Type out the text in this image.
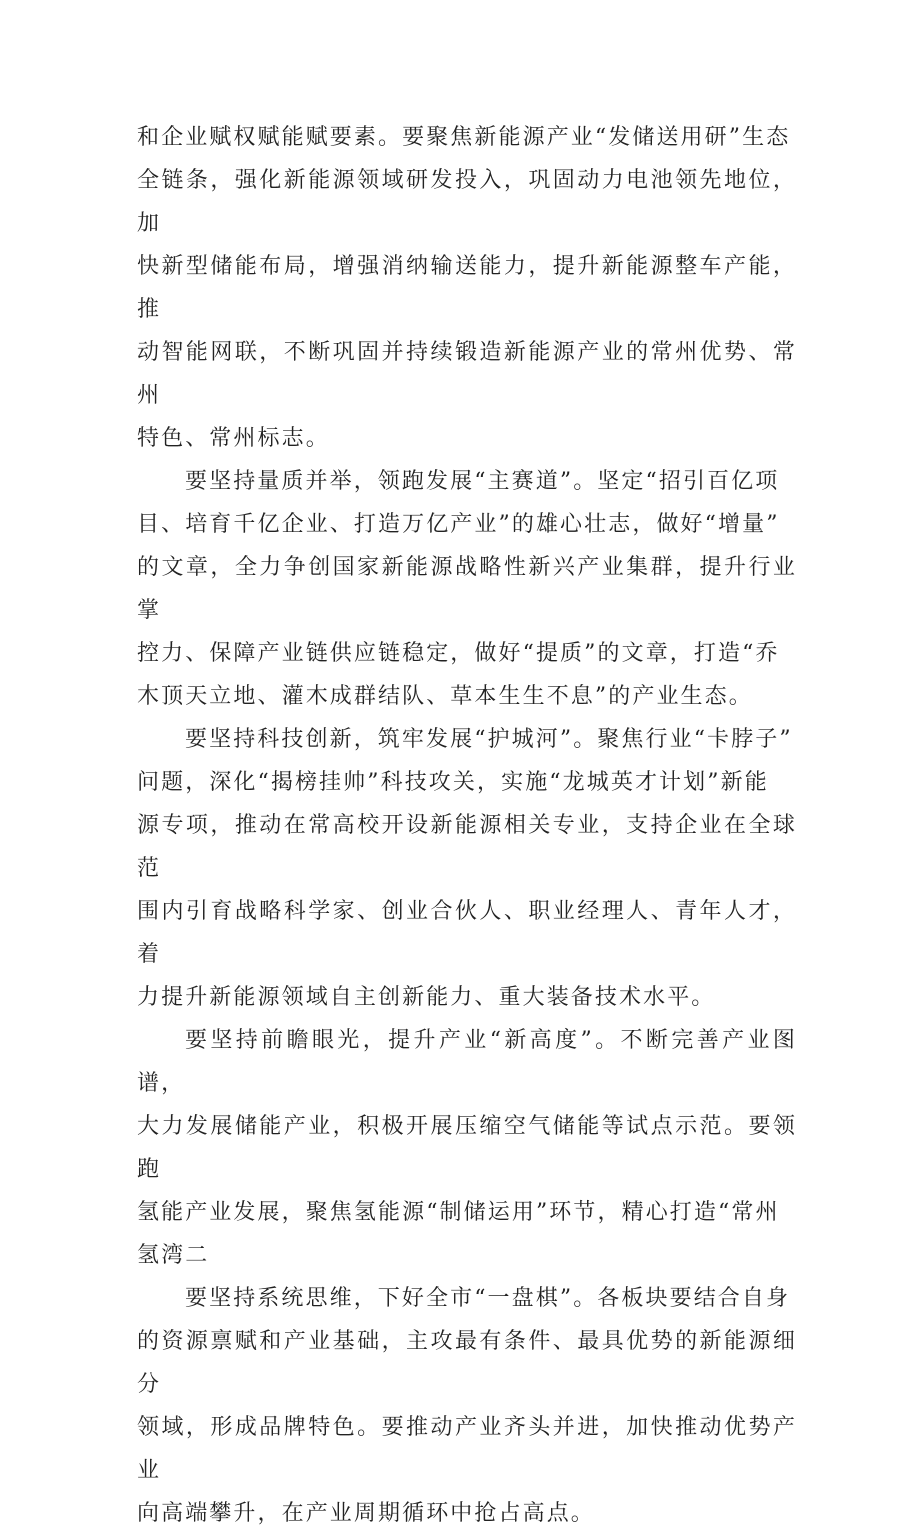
和企业赋权赋能赋要素。要聚焦新能源产业“发储送用研”生态
全链条，强化新能源领域研发投入，巩固动力电池领先地位，加
快新型储能布局，增强消纳输送能力，提升新能源整车产能，推
动智能网联，不断巩固并持续锻造新能源产业的常州优势、常州
特色、常州标志。

要坚持量质并举，领跑发展“主赛道”。坚定“招引百亿项
目、培育千亿企业、打造万亿产业”的雄心壮志，做好“增量”
的文章，全力争创国家新能源战略性新兴产业集群，提升行业掌
控力、保障产业链供应链稳定，做好“提质”的文章，打造“乔
木顶天立地、灌木成群结队、草本生生不息”的产业生态。

要坚持科技创新，筑牢发展“护城河”。聚焦行业“卡脖子”
问题，深化“揭榜挂帅”科技攻关，实施“龙城英才计划”新能
源专项，推动在常高校开设新能源相关专业，支持企业在全球范
围内引育战略科学家、创业合伙人、职业经理人、青年人才，着
力提升新能源领域自主创新能力、重大装备技术水平。

要坚持前瞻眼光，提升产业“新高度”。不断完善产业图谱，
大力发展储能产业，积极开展压缩空气储能等试点示范。要领跑
氢能产业发展，聚焦氢能源“制储运用”环节，精心打造“常州
氢湾二

要坚持系统思维，下好全市“一盘棋”。各板块要结合自身
的资源禀赋和产业基础，主攻最有条件、最具优势的新能源细分
领域，形成品牌特色。要推动产业齐头并进，加快推动优势产业
向高端攀升，在产业周期循环中抢占高点。
